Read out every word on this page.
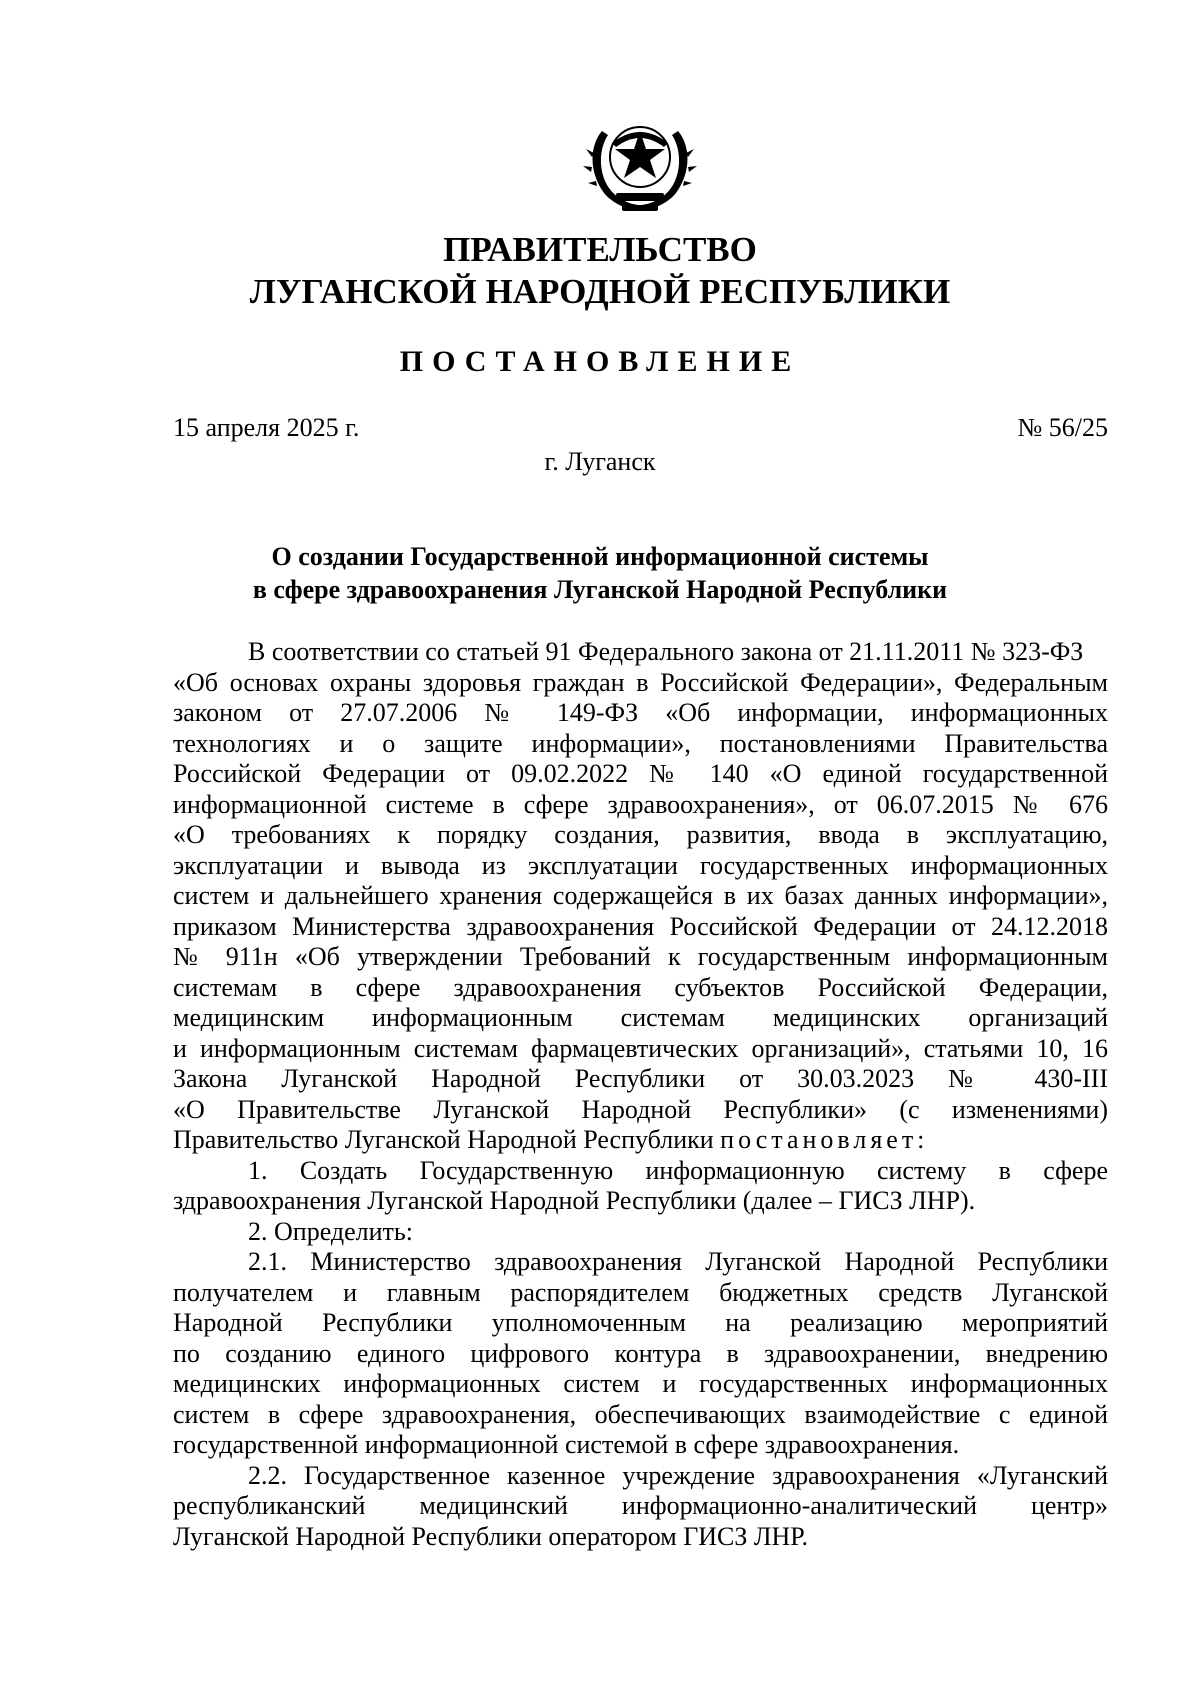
ПРАВИТЕЛЬСТВО
ЛУГАНСКОЙ НАРОДНОЙ РЕСПУБЛИКИ
ПОСТАНОВЛЕНИЕ
15 апреля 2025 г.	№ 56/25
г. Луганск
О создании Государственной информационной системы
в сфере здравоохранения Луганской Народной Республики
В соответствии со статьей 91 Федерального закона от 21.11.2011 № 323-ФЗ
«Об основах охраны здоровья граждан в Российской Федерации», Федеральным
законом от 27.07.2006 № 149-ФЗ «Об информации, информационных
технологиях и о защите информации», постановлениями Правительства
Российской Федерации от 09.02.2022 № 140 «О единой государственной
информационной системе в сфере здравоохранения», от 06.07.2015 № 676
«О требованиях к порядку создания, развития, ввода в эксплуатацию,
эксплуатации и вывода из эксплуатации государственных информационных
систем и дальнейшего хранения содержащейся в их базах данных информации»,
приказом Министерства здравоохранения Российской Федерации от 24.12.2018
№ 911н «Об утверждении Требований к государственным информационным
системам в сфере здравоохранения субъектов Российской Федерации,
медицинским информационным системам медицинских организаций
и информационным системам фармацевтических организаций», статьями 10, 16
Закона Луганской Народной Республики от 30.03.2023 № 430-III
«О Правительстве Луганской Народной Республики» (с изменениями)
Правительство Луганской Народной Республики постановляет:
1. Создать Государственную информационную систему в сфере
здравоохранения Луганской Народной Республики (далее – ГИСЗ ЛНР).
2. Определить:
2.1. Министерство здравоохранения Луганской Народной Республики
получателем и главным распорядителем бюджетных средств Луганской
Народной Республики уполномоченным на реализацию мероприятий
по созданию единого цифрового контура в здравоохранении, внедрению
медицинских информационных систем и государственных информационных
систем в сфере здравоохранения, обеспечивающих взаимодействие с единой
государственной информационной системой в сфере здравоохранения.
2.2. Государственное казенное учреждение здравоохранения «Луганский
республиканский медицинский информационно-аналитический центр»
Луганской Народной Республики оператором ГИСЗ ЛНР.
